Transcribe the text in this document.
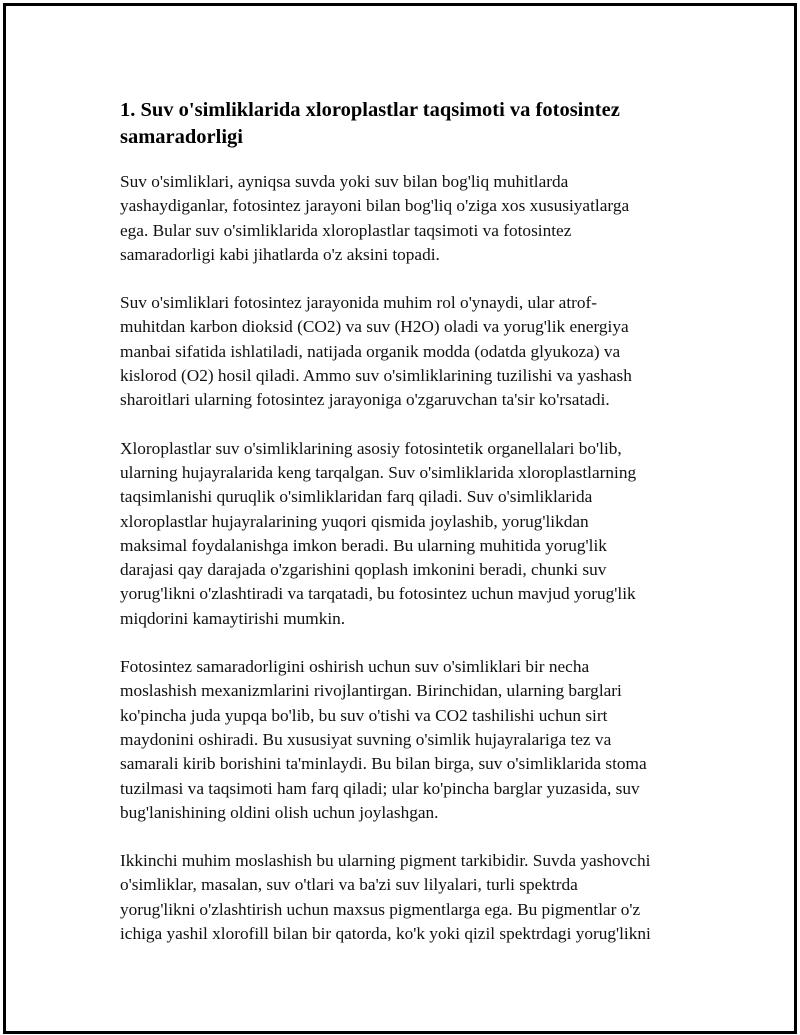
1. Suv o'simliklarida xloroplastlar taqsimoti va fotosintez
samaradorligi

Suv o'simliklari, ayniqsa suvda yoki suv bilan bog'liq muhitlarda
yashaydiganlar, fotosintez jarayoni bilan bog'liq o'ziga xos xususiyatlarga
ega. Bular suv o'simliklarida xloroplastlar taqsimoti va fotosintez
samaradorligi kabi jihatlarda o'z aksini topadi.

Suv o'simliklari fotosintez jarayonida muhim rol o'ynaydi, ular atrof-
muhitdan karbon dioksid (CO2) va suv (H2O) oladi va yorug'lik energiya
manbai sifatida ishlatiladi, natijada organik modda (odatda glyukoza) va
kislorod (O2) hosil qiladi. Ammo suv o'simliklarining tuzilishi va yashash
sharoitlari ularning fotosintez jarayoniga o'zgaruvchan ta'sir ko'rsatadi.

Xloroplastlar suv o'simliklarining asosiy fotosintetik organellalari bo'lib,
ularning hujayralarida keng tarqalgan. Suv o'simliklarida xloroplastlarning
taqsimlanishi quruqlik o'simliklaridan farq qiladi. Suv o'simliklarida
xloroplastlar hujayralarining yuqori qismida joylashib, yorug'likdan
maksimal foydalanishga imkon beradi. Bu ularning muhitida yorug'lik
darajasi qay darajada o'zgarishini qoplash imkonini beradi, chunki suv
yorug'likni o'zlashtiradi va tarqatadi, bu fotosintez uchun mavjud yorug'lik
miqdorini kamaytirishi mumkin.

Fotosintez samaradorligini oshirish uchun suv o'simliklari bir necha
moslashish mexanizmlarini rivojlantirgan. Birinchidan, ularning barglari
ko'pincha juda yupqa bo'lib, bu suv o'tishi va CO2 tashilishi uchun sirt
maydonini oshiradi. Bu xususiyat suvning o'simlik hujayralariga tez va
samarali kirib borishini ta'minlaydi. Bu bilan birga, suv o'simliklarida stoma
tuzilmasi va taqsimoti ham farq qiladi; ular ko'pincha barglar yuzasida, suv
bug'lanishining oldini olish uchun joylashgan.

Ikkinchi muhim moslashish bu ularning pigment tarkibidir. Suvda yashovchi
o'simliklar, masalan, suv o'tlari va ba'zi suv lilyalari, turli spektrda
yorug'likni o'zlashtirish uchun maxsus pigmentlarga ega. Bu pigmentlar o'z
ichiga yashil xlorofill bilan bir qatorda, ko'k yoki qizil spektrdagi yorug'likni
